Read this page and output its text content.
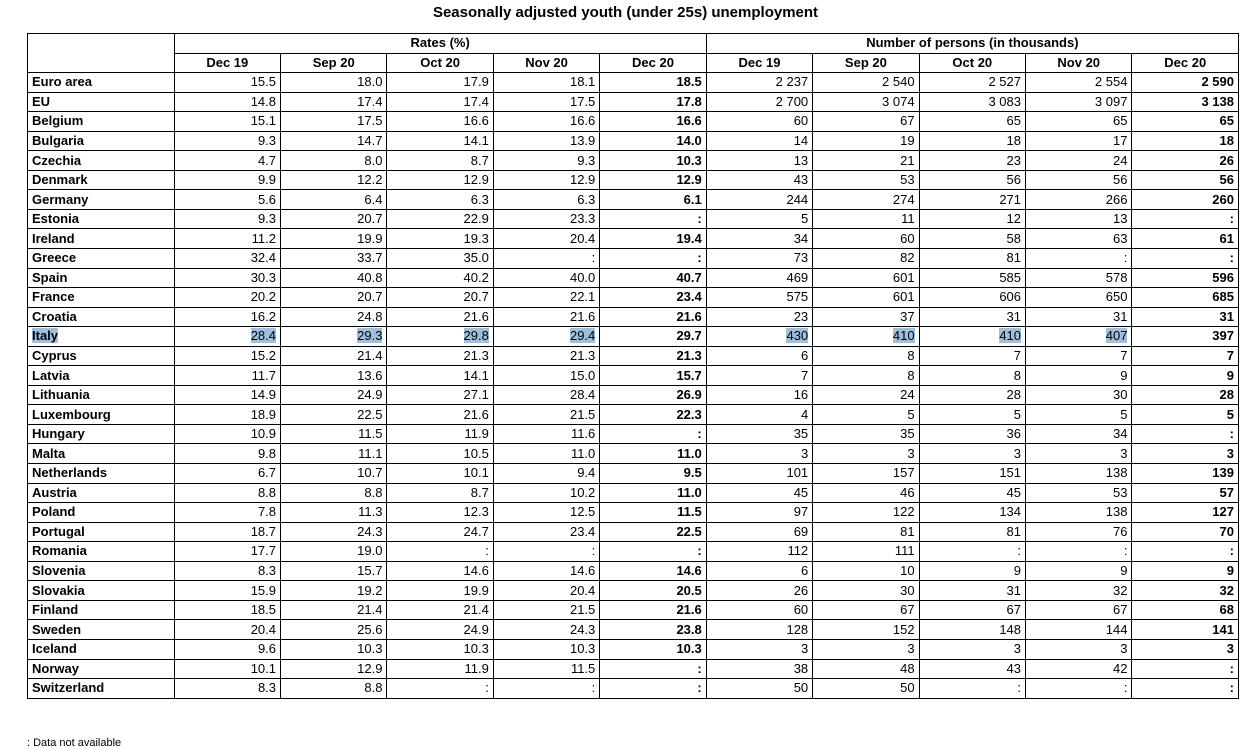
Seasonally adjusted youth (under 25s) unemployment
	Rates (%)					Number of persons (in thousands)				
	Dec 19	Sep 20	Oct 20	Nov 20	Dec 20	Dec 19	Sep 20	Oct 20	Nov 20	Dec 20
Euro area	15.5	18.0	17.9	18.1	18.5	2 237	2 540	2 527	2 554	2 590
EU	14.8	17.4	17.4	17.5	17.8	2 700	3 074	3 083	3 097	3 138
Belgium	15.1	17.5	16.6	16.6	16.6	60	67	65	65	65
Bulgaria	9.3	14.7	14.1	13.9	14.0	14	19	18	17	18
Czechia	4.7	8.0	8.7	9.3	10.3	13	21	23	24	26
Denmark	9.9	12.2	12.9	12.9	12.9	43	53	56	56	56
Germany	5.6	6.4	6.3	6.3	6.1	244	274	271	266	260
Estonia	9.3	20.7	22.9	23.3	:	5	11	12	13	:
Ireland	11.2	19.9	19.3	20.4	19.4	34	60	58	63	61
Greece	32.4	33.7	35.0	:	:	73	82	81	:	:
Spain	30.3	40.8	40.2	40.0	40.7	469	601	585	578	596
France	20.2	20.7	20.7	22.1	23.4	575	601	606	650	685
Croatia	16.2	24.8	21.6	21.6	21.6	23	37	31	31	31
Italy	28.4	29.3	29.8	29.4	29.7	430	410	410	407	397
Cyprus	15.2	21.4	21.3	21.3	21.3	6	8	7	7	7
Latvia	11.7	13.6	14.1	15.0	15.7	7	8	8	9	9
Lithuania	14.9	24.9	27.1	28.4	26.9	16	24	28	30	28
Luxembourg	18.9	22.5	21.6	21.5	22.3	4	5	5	5	5
Hungary	10.9	11.5	11.9	11.6	:	35	35	36	34	:
Malta	9.8	11.1	10.5	11.0	11.0	3	3	3	3	3
Netherlands	6.7	10.7	10.1	9.4	9.5	101	157	151	138	139
Austria	8.8	8.8	8.7	10.2	11.0	45	46	45	53	57
Poland	7.8	11.3	12.3	12.5	11.5	97	122	134	138	127
Portugal	18.7	24.3	24.7	23.4	22.5	69	81	81	76	70
Romania	17.7	19.0	:	:	:	112	111	:	:	:
Slovenia	8.3	15.7	14.6	14.6	14.6	6	10	9	9	9
Slovakia	15.9	19.2	19.9	20.4	20.5	26	30	31	32	32
Finland	18.5	21.4	21.4	21.5	21.6	60	67	67	67	68
Sweden	20.4	25.6	24.9	24.3	23.8	128	152	148	144	141
Iceland	9.6	10.3	10.3	10.3	10.3	3	3	3	3	3
Norway	10.1	12.9	11.9	11.5	:	38	48	43	42	:
Switzerland	8.3	8.8	:	:	:	50	50	:	:	:
: Data not available
